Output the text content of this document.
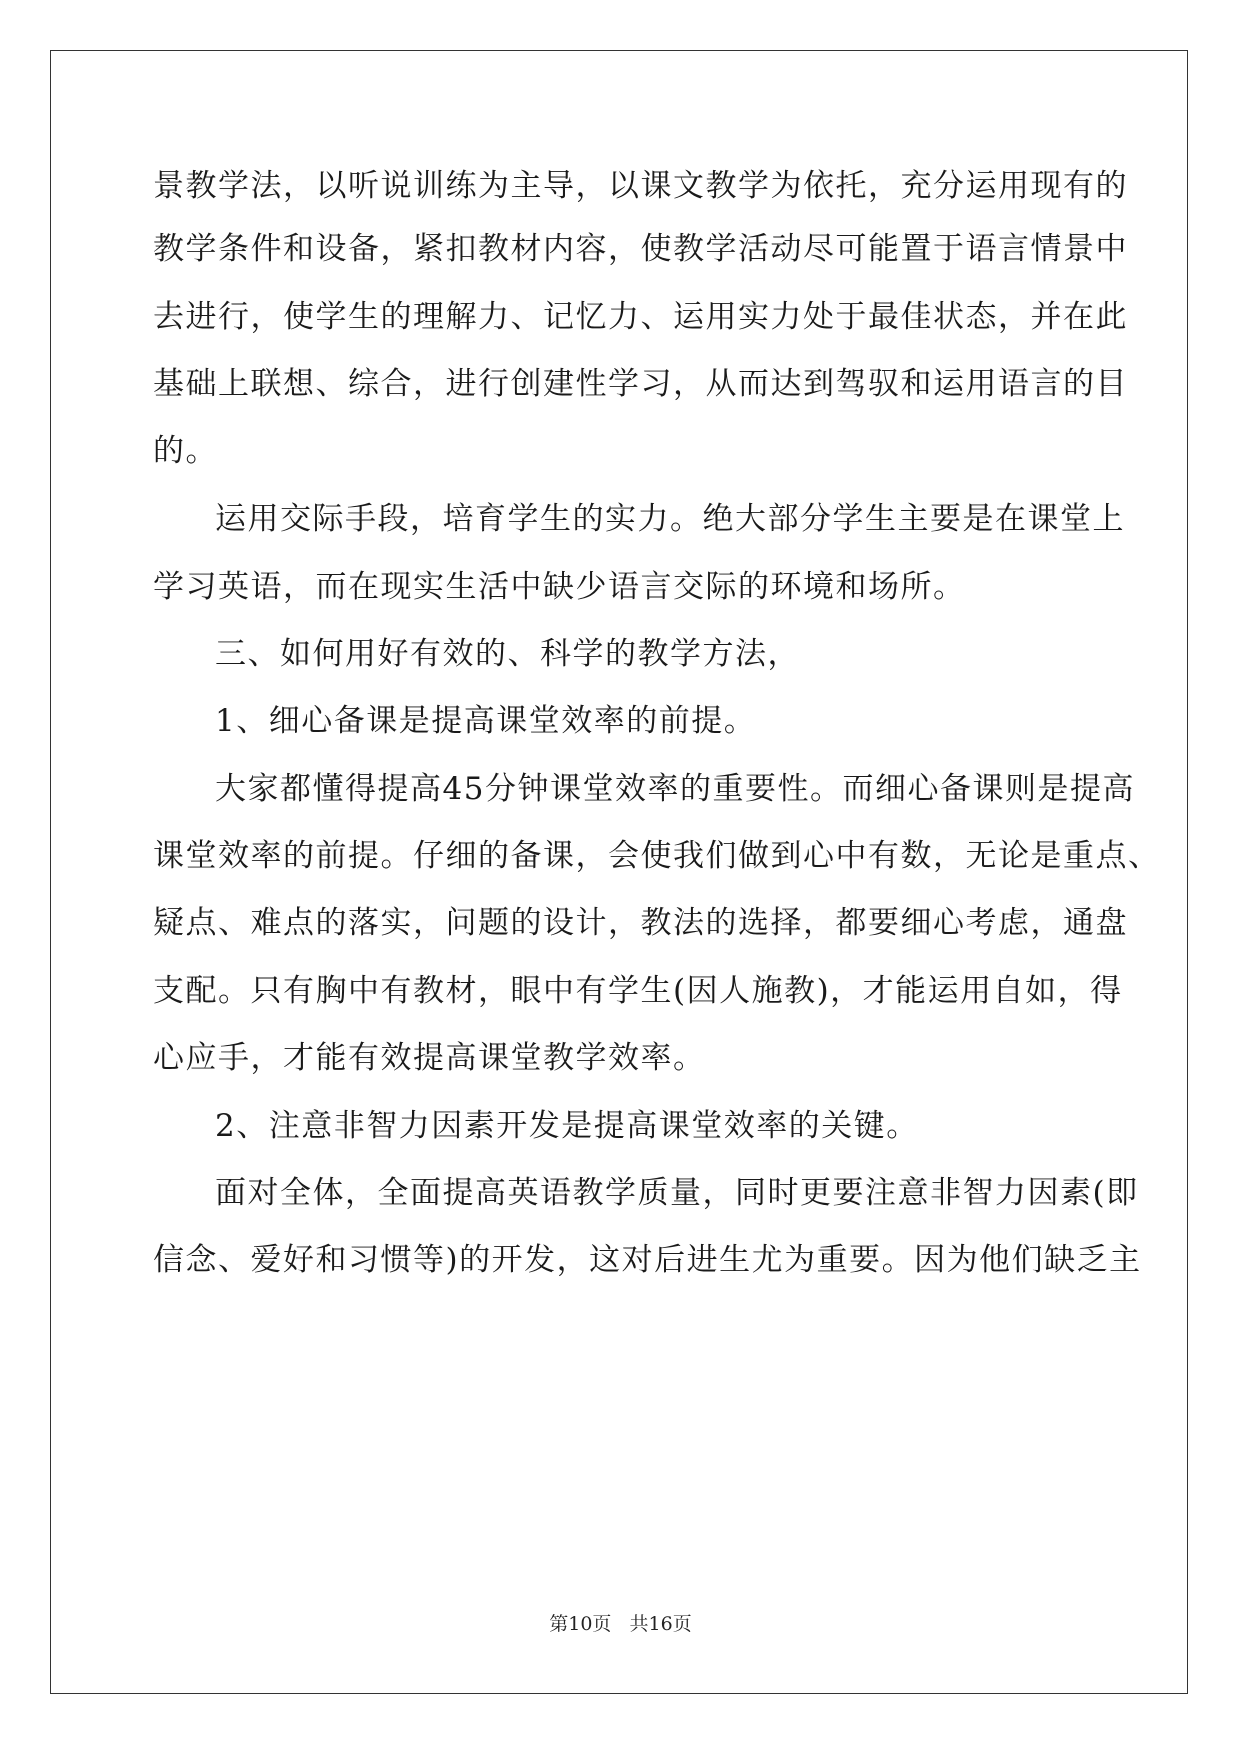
景教学法，以听说训练为主导，以课文教学为依托，充分运用现有的
教学条件和设备，紧扣教材内容，使教学活动尽可能置于语言情景中
去进行，使学生的理解力、记忆力、运用实力处于最佳状态，并在此
基础上联想、综合，进行创建性学习，从而达到驾驭和运用语言的目
的。
运用交际手段，培育学生的实力。绝大部分学生主要是在课堂上
学习英语，而在现实生活中缺少语言交际的环境和场所。
三、如何用好有效的、科学的教学方法，
1、细心备课是提高课堂效率的前提。
大家都懂得提高45分钟课堂效率的重要性。而细心备课则是提高
课堂效率的前提。仔细的备课，会使我们做到心中有数，无论是重点、
疑点、难点的落实，问题的设计，教法的选择，都要细心考虑，通盘
支配。只有胸中有教材，眼中有学生(因人施教)，才能运用自如，得
心应手，才能有效提高课堂教学效率。
2、注意非智力因素开发是提高课堂效率的关键。
面对全体，全面提高英语教学质量，同时更要注意非智力因素(即
信念、爱好和习惯等)的开发，这对后进生尤为重要。因为他们缺乏主
第10页   共16页
